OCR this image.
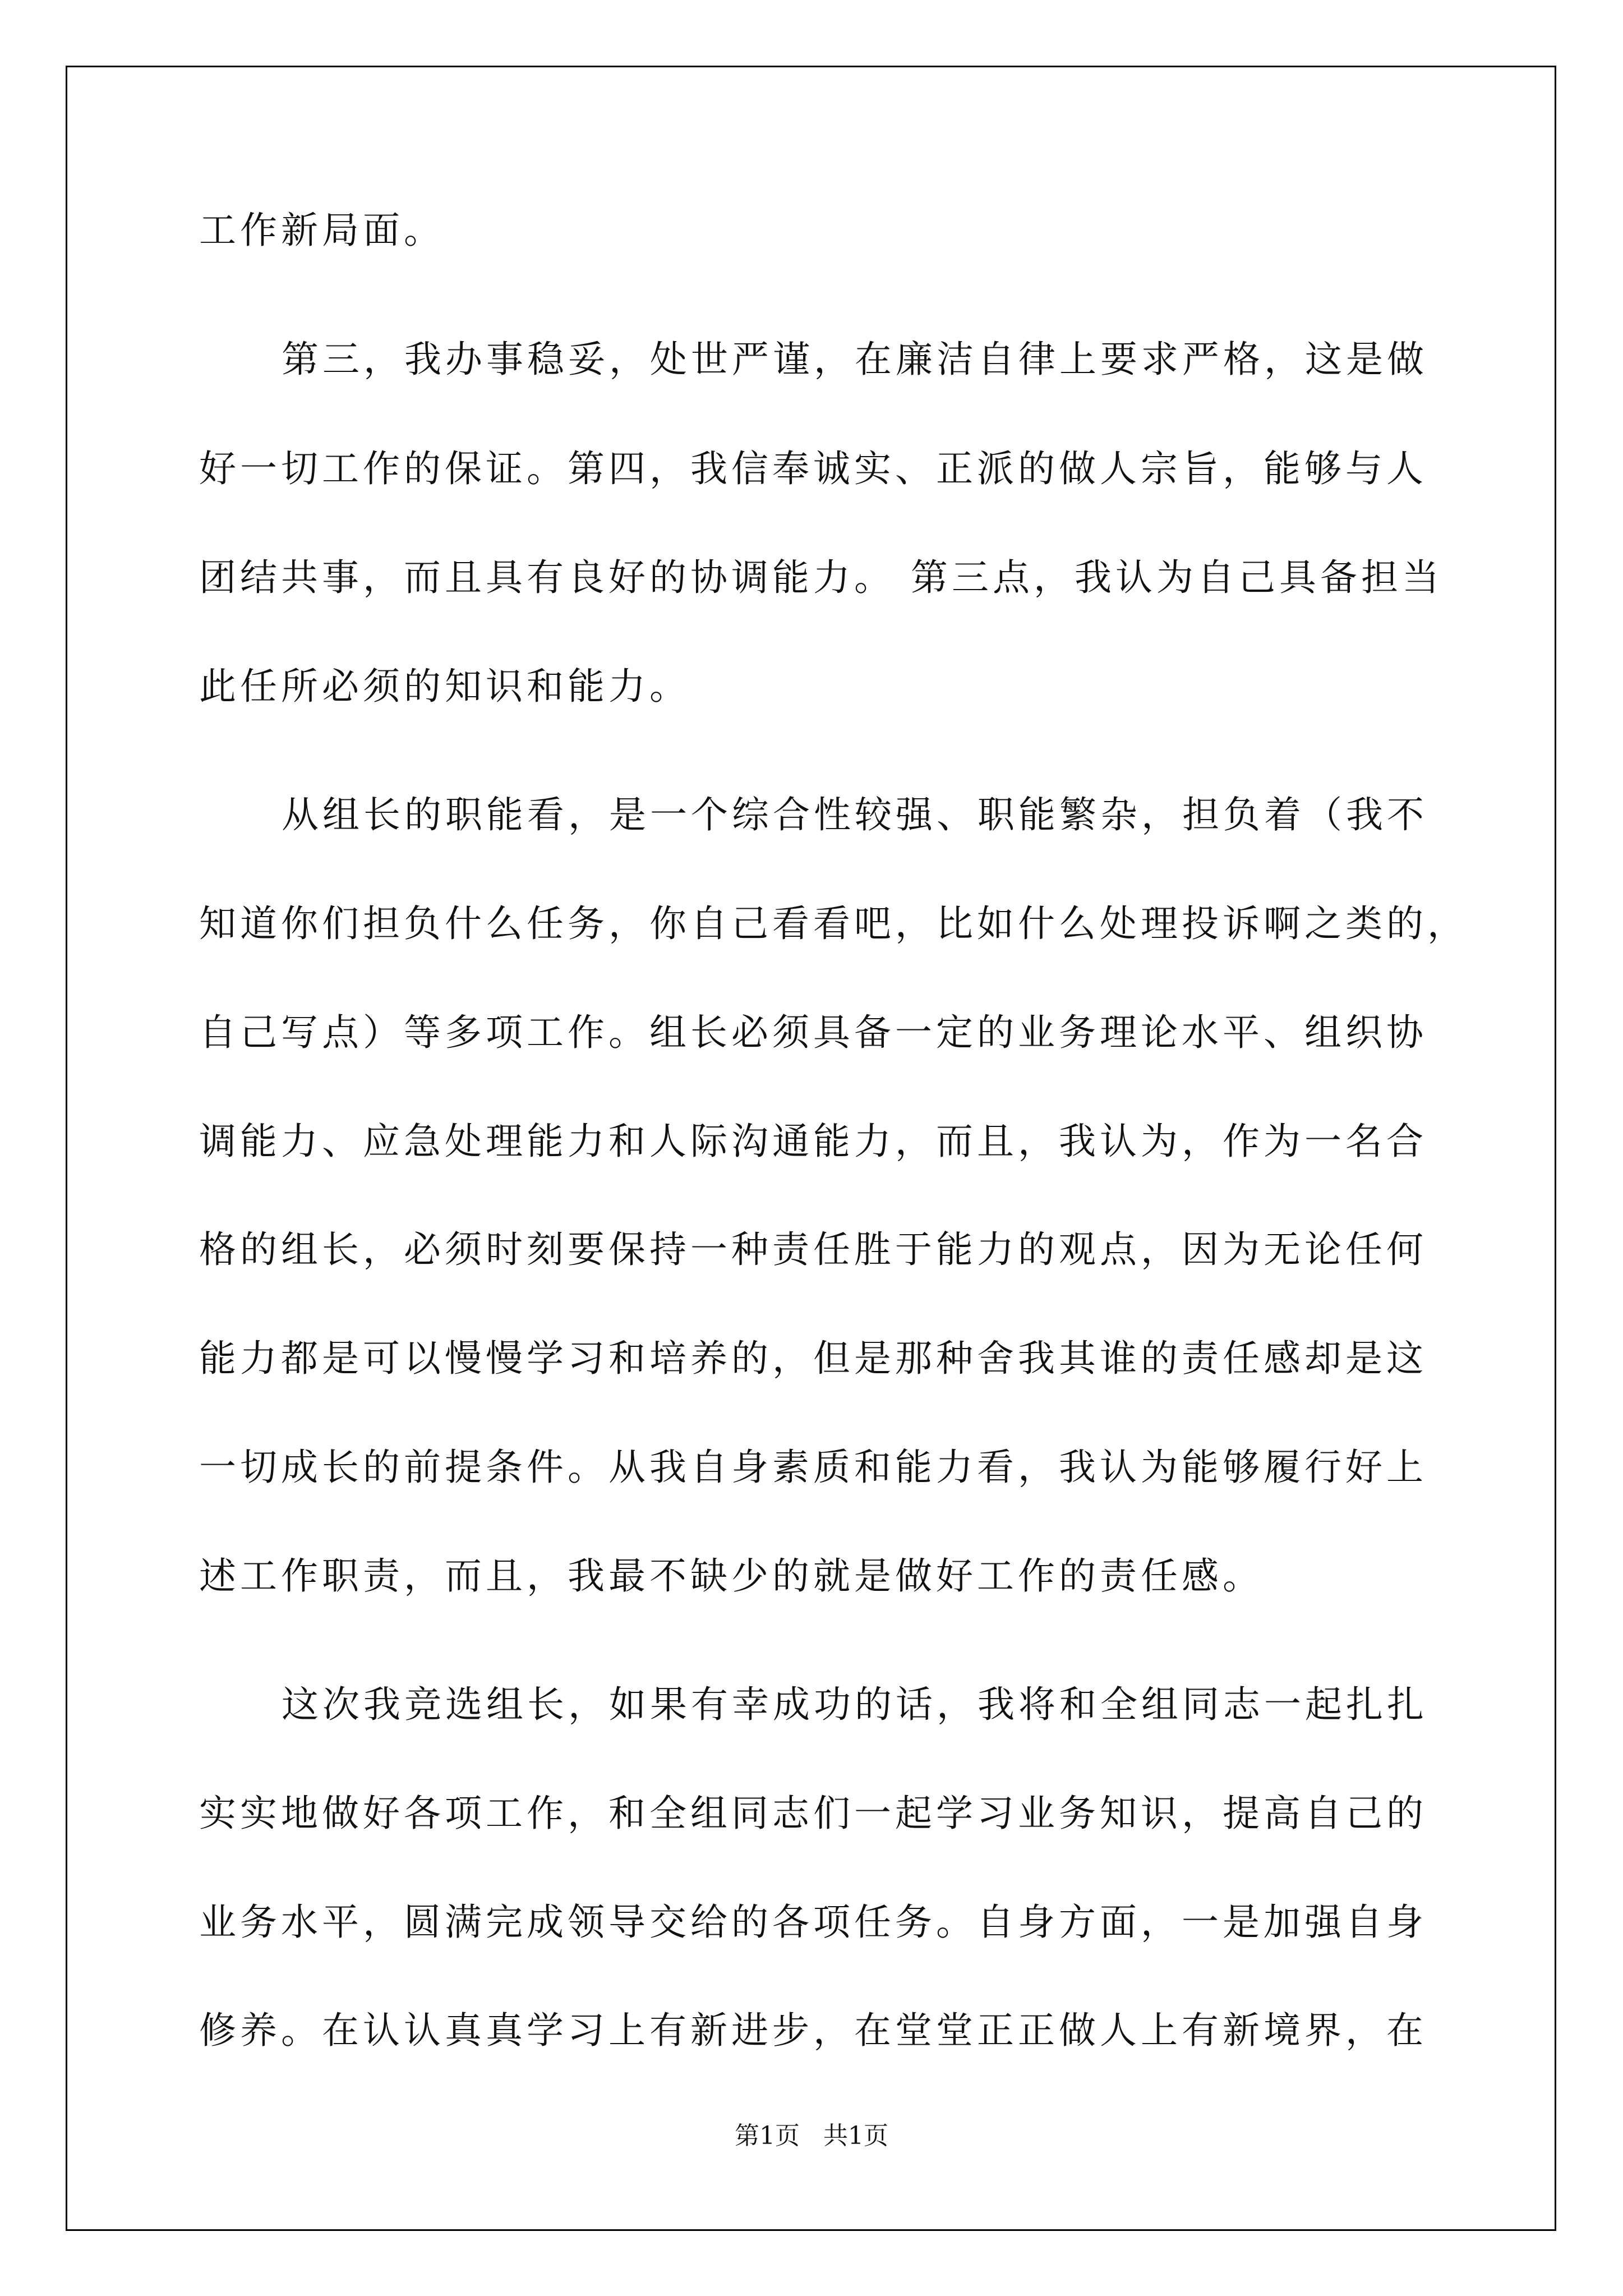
工作新局面。
第三，我办事稳妥，处世严谨，在廉洁自律上要求严格，这是做
好一切工作的保证。第四，我信奉诚实、正派的做人宗旨，能够与人
团结共事，而且具有良好的协调能力。 第三点，我认为自己具备担当
此任所必须的知识和能力。
从组长的职能看，是一个综合性较强、职能繁杂，担负着（我不
知道你们担负什么任务，你自己看看吧，比如什么处理投诉啊之类的，
自己写点）等多项工作。组长必须具备一定的业务理论水平、组织协
调能力、应急处理能力和人际沟通能力，而且，我认为，作为一名合
格的组长，必须时刻要保持一种责任胜于能力的观点，因为无论任何
能力都是可以慢慢学习和培养的，但是那种舍我其谁的责任感却是这
一切成长的前提条件。从我自身素质和能力看，我认为能够履行好上
述工作职责，而且，我最不缺少的就是做好工作的责任感。
这次我竞选组长，如果有幸成功的话，我将和全组同志一起扎扎
实实地做好各项工作，和全组同志们一起学习业务知识，提高自己的
业务水平，圆满完成领导交给的各项任务。自身方面，一是加强自身
修养。在认认真真学习上有新进步，在堂堂正正做人上有新境界，在
第1页   共1页
